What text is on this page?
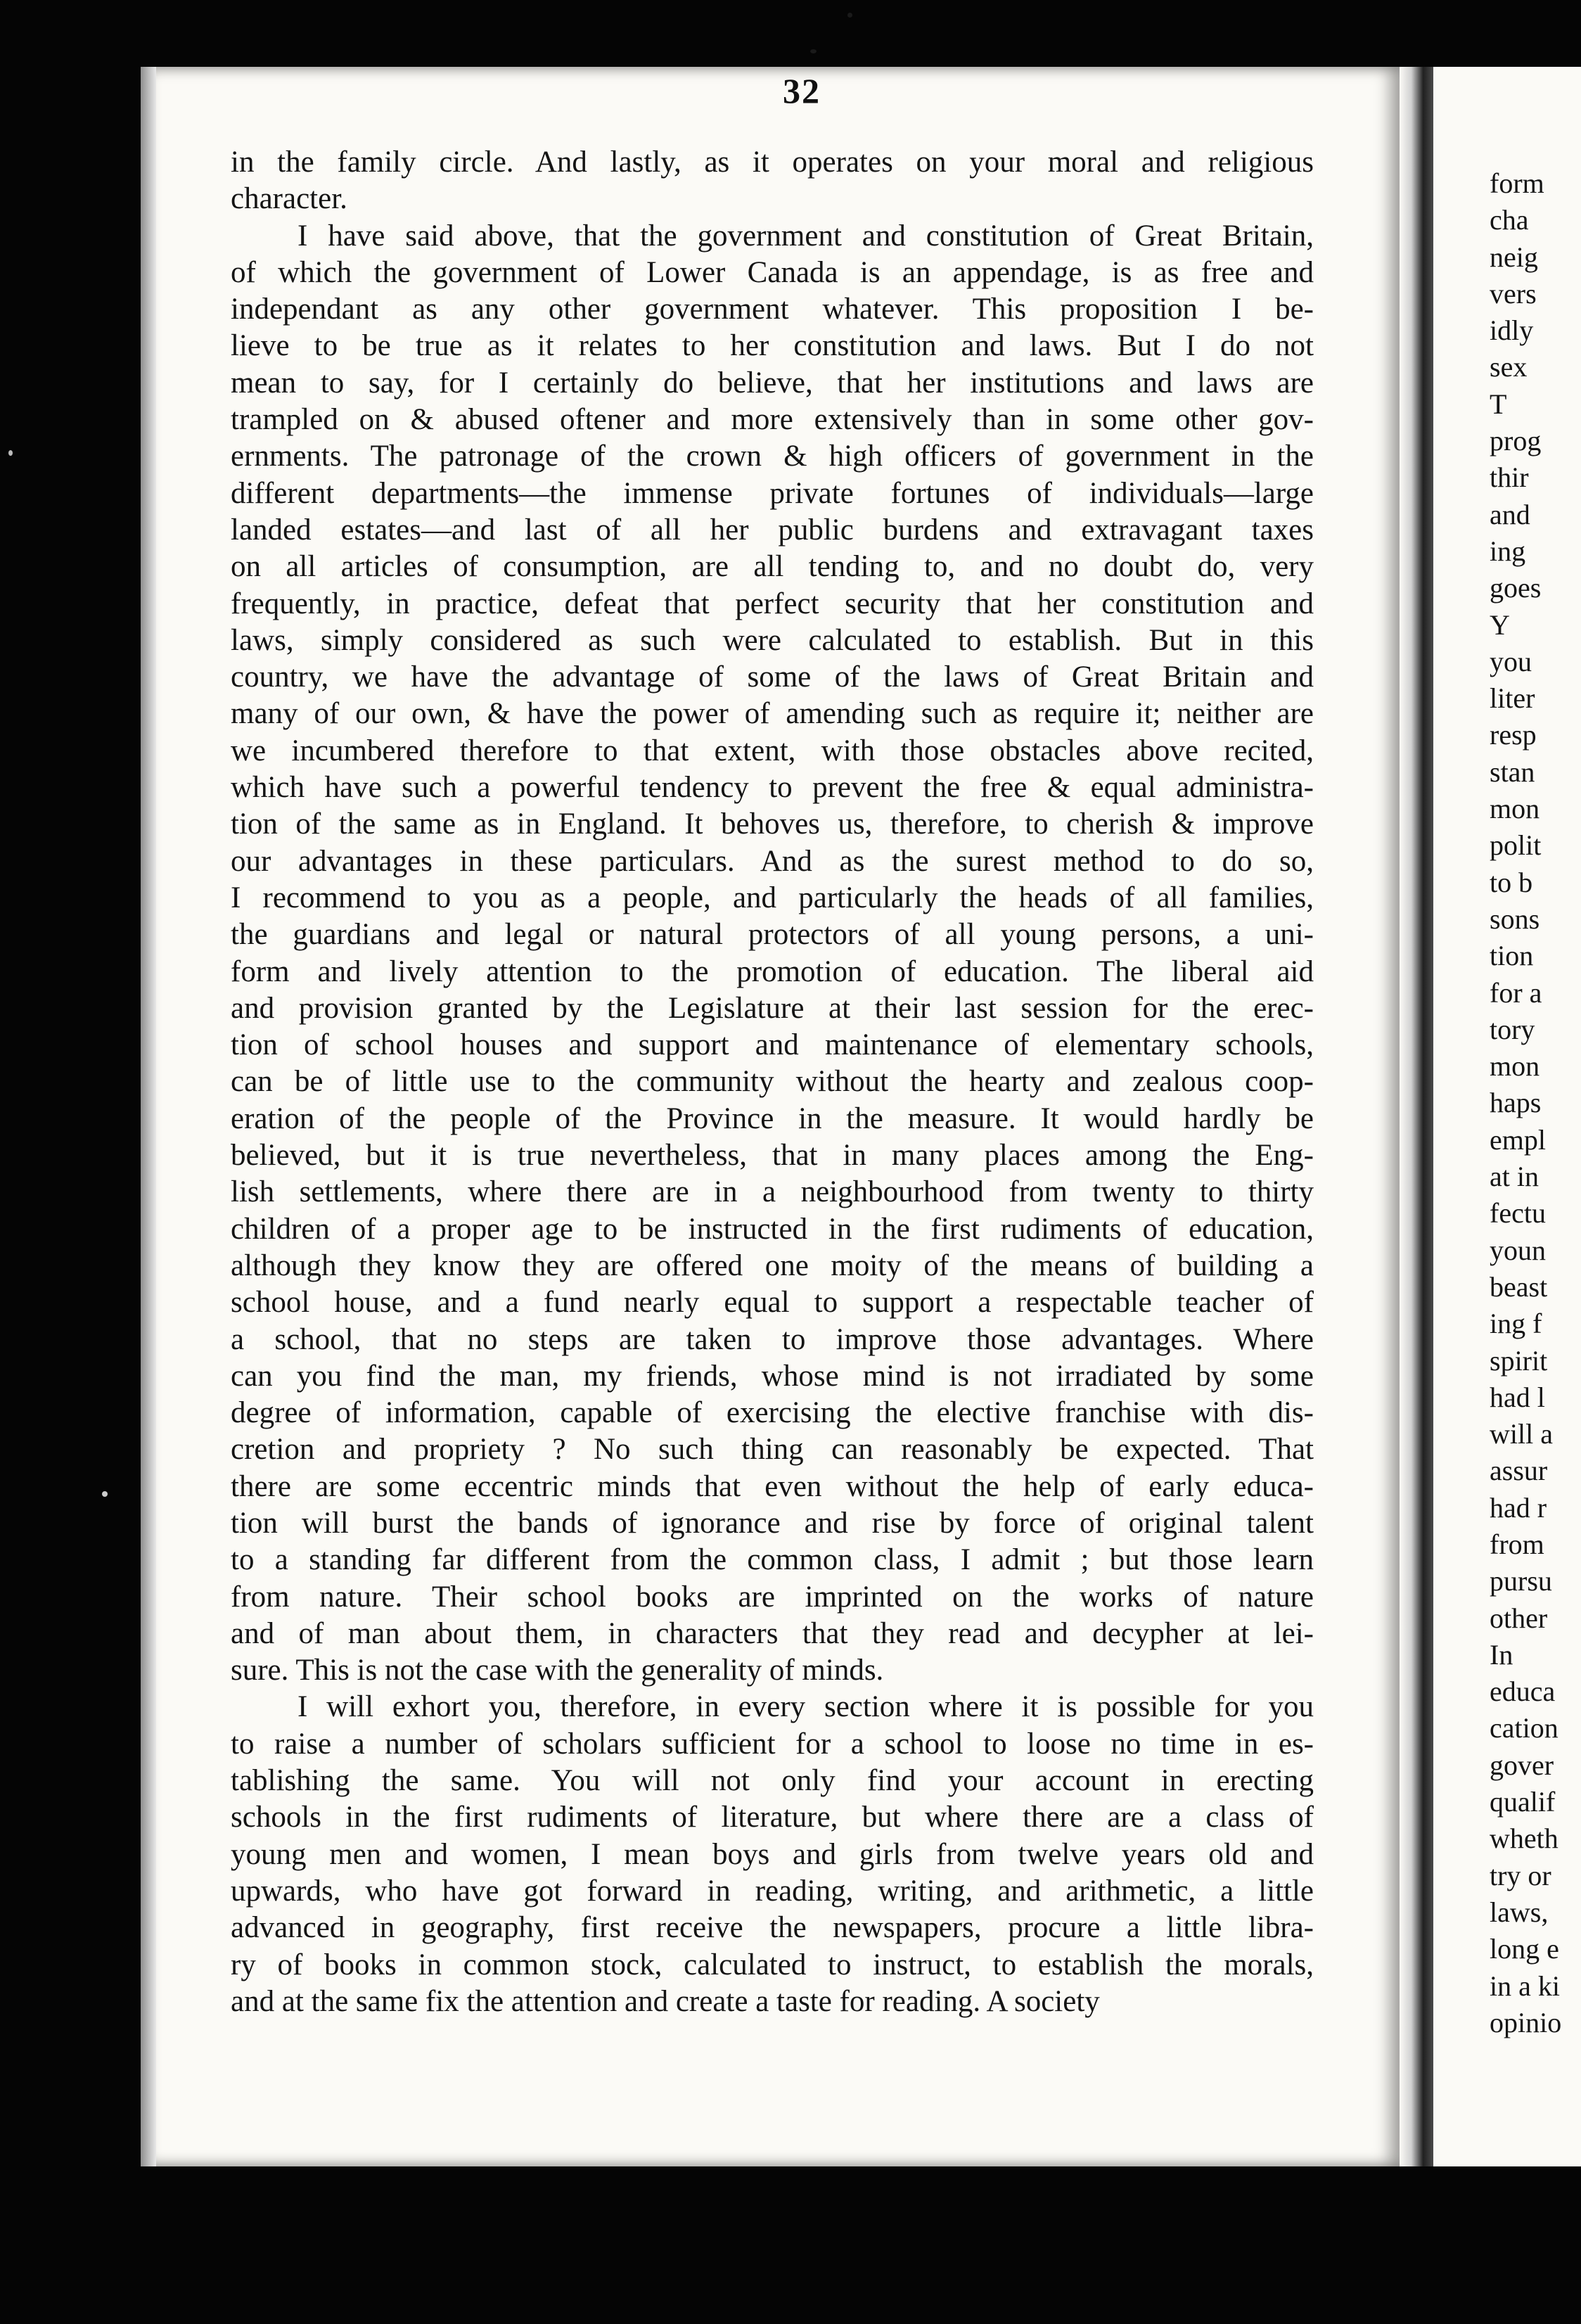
32
in the family circle. And lastly, as it operates on your moral and religious
character.
I have said above, that the government and constitution of Great Britain,
of which the government of Lower Canada is an appendage, is as free and
independant as any other government whatever. This proposition I be-
lieve to be true as it relates to her constitution and laws. But I do not
mean to say, for I certainly do believe, that her institutions and laws are
trampled on & abused oftener and more extensively than in some other gov-
ernments. The patronage of the crown & high officers of government in the
different departments—the immense private fortunes of individuals—large
landed estates—and last of all her public burdens and extravagant taxes
on all articles of consumption, are all tending to, and no doubt do, very
frequently, in practice, defeat that perfect security that her constitution and
laws, simply considered as such were calculated to establish. But in this
country, we have the advantage of some of the laws of Great Britain and
many of our own, & have the power of amending such as require it; neither are
we incumbered therefore to that extent, with those obstacles above recited,
which have such a powerful tendency to prevent the free & equal administra-
tion of the same as in England. It behoves us, therefore, to cherish & improve
our advantages in these particulars. And as the surest method to do so,
I recommend to you as a people, and particularly the heads of all families,
the guardians and legal or natural protectors of all young persons, a uni-
form and lively attention to the promotion of education. The liberal aid
and provision granted by the Legislature at their last session for the erec-
tion of school houses and support and maintenance of elementary schools,
can be of little use to the community without the hearty and zealous coop-
eration of the people of the Province in the measure. It would hardly be
believed, but it is true nevertheless, that in many places among the Eng-
lish settlements, where there are in a neighbourhood from twenty to thirty
children of a proper age to be instructed in the first rudiments of education,
although they know they are offered one moity of the means of building a
school house, and a fund nearly equal to support a respectable teacher of
a school, that no steps are taken to improve those advantages. Where
can you find the man, my friends, whose mind is not irradiated by some
degree of information, capable of exercising the elective franchise with dis-
cretion and propriety ? No such thing can reasonably be expected. That
there are some eccentric minds that even without the help of early educa-
tion will burst the bands of ignorance and rise by force of original talent
to a standing far different from the common class, I admit ; but those learn
from nature. Their school books are imprinted on the works of nature
and of man about them, in characters that they read and decypher at lei-
sure. This is not the case with the generality of minds.
I will exhort you, therefore, in every section where it is possible for you
to raise a number of scholars sufficient for a school to loose no time in es-
tablishing the same. You will not only find your account in erecting
schools in the first rudiments of literature, but where there are a class of
young men and women, I mean boys and girls from twelve years old and
upwards, who have got forward in reading, writing, and arithmetic, a little
advanced in geography, first receive the newspapers, procure a little libra-
ry of books in common stock, calculated to instruct, to establish the morals,
and at the same fix the attention and create a taste for reading. A society
form
cha
neig
vers
idly
sex
T
prog
thir
and
ing
goes
Y
you
liter
resp
stan
mon
polit
to b
sons
tion
for a
tory
mon
haps
empl
at in
fectu
youn
beast
ing f
spirit
had l
will a
assur
had r
from
pursu
other
In
educa
cation
gover
qualif
wheth
try or
laws,
long e
in a ki
opinio
